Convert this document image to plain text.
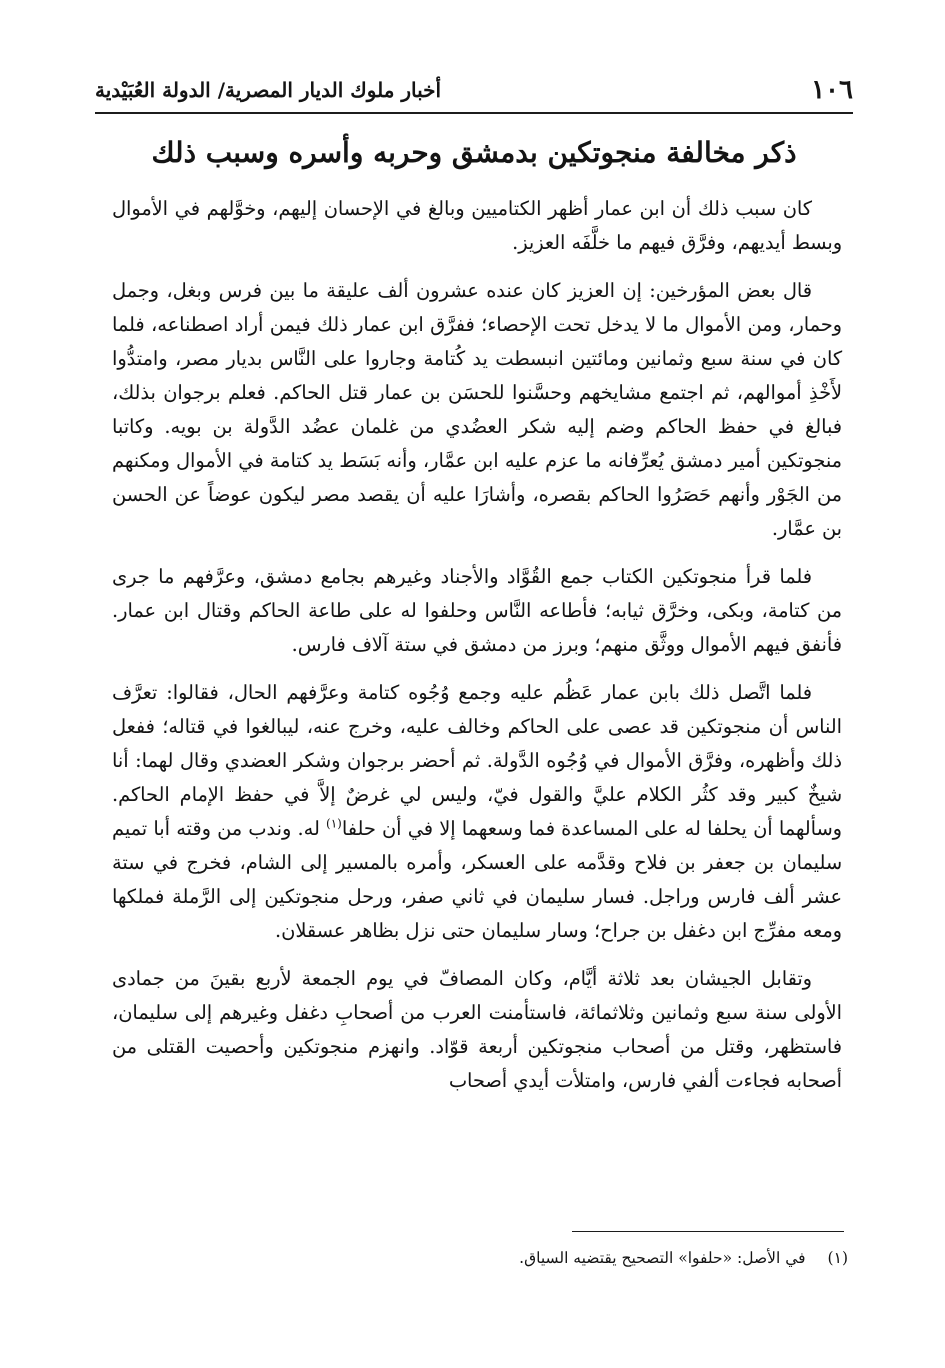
١٠٦
أخبار ملوك الديار المصرية/ الدولة العُبَيْدية
ذكر مخالفة منجوتكين بدمشق وحربه وأسره وسبب ذلك

كان سبب ذلك أن ابن عمار أظهر الكتاميين وبالغ في الإحسان إليهم، وخوَّلهم في الأموال وبسط أيديهم، وفرَّق فيهم ما خلَّفَه العزيز.

قال بعض المؤرخين: إن العزيز كان عنده عشرون ألف عليقة ما بين فرس وبغل، وجمل وحمار، ومن الأموال ما لا يدخل تحت الإحصاء؛ ففرَّق ابن عمار ذلك فيمن أراد اصطناعه، فلما كان في سنة سبع وثمانين ومائتين انبسطت يد كُتامة وجاروا على النَّاس بديار مصر، وامتدُّوا لأَخْذِ أموالهم، ثم اجتمع مشايخهم وحسَّنوا للحسَن بن عمار قتل الحاكم. فعلم برجوان بذلك، فبالغ في حفظ الحاكم وضم إليه شكر العضُدي من غلمان عضُد الدَّولة بن بويه. وكاتبا منجوتكين أمير دمشق يُعرِّفانه ما عزم عليه ابن عمَّار، وأنه بَسَط يد كتامة في الأموال ومكنهم من الجَوْر وأنهم حَصَرُوا الحاكم بقصره، وأشارَا عليه أن يقصد مصر ليكون عوضاً عن الحسن بن عمَّار.

فلما قرأ منجوتكين الكتاب جمع القُوَّاد والأجناد وغيرهم بجامع دمشق، وعرَّفهم ما جرى من كتامة، وبكى، وخرَّق ثيابه؛ فأطاعه النَّاس وحلفوا له على طاعة الحاكم وقتال ابن عمار. فأنفق فيهم الأموال ووثَّق منهم؛ وبرز من دمشق في ستة آلاف فارس.

فلما اتَّصل ذلك بابن عمار عَظُم عليه وجمع وُجُوه كتامة وعرَّفهم الحال، فقالوا: تعرَّف الناس أن منجوتكين قد عصى على الحاكم وخالف عليه، وخرج عنه، ليبالغوا في قتاله؛ ففعل ذلك وأظهره، وفرَّق الأموال في وُجُوه الدَّولة. ثم أحضر برجوان وشكر العضدي وقال لهما: أنا شيخٌ كبير وقد كثُر الكلام عليَّ والقول فيّ، وليس لي غرضٌ إلاَّ في حفظ الإمام الحاكم. وسألهما أن يحلفا له على المساعدة فما وسعهما إلا في أن حلفا$^{(١)}$ له. وندب من وقته أبا تميم سليمان بن جعفر بن فلاح وقدَّمه على العسكر، وأمره بالمسير إلى الشام، فخرج في ستة عشر ألف فارس وراجل. فسار سليمان في ثاني صفر، ورحل منجوتكين إلى الرَّملة فملكها ومعه مفرِّج ابن دغفل بن جراح؛ وسار سليمان حتى نزل بظاهر عسقلان.

وتقابل الجيشان بعد ثلاثة أيَّام، وكان المصافّ في يوم الجمعة لأربع بقينَ من جمادى الأولى سنة سبع وثمانين وثلاثمائة، فاستأمنت العرب من أصحابِ دغفل وغيرهم إلى سليمان، فاستظهر، وقتل من أصحاب منجوتكين أربعة قوّاد. وانهزم منجوتكين وأحصيت القتلى من أصحابه فجاءت ألفي فارس، وامتلأت أيدي أصحاب

(١)في الأصل: «حلفوا» التصحيح يقتضيه السياق.
